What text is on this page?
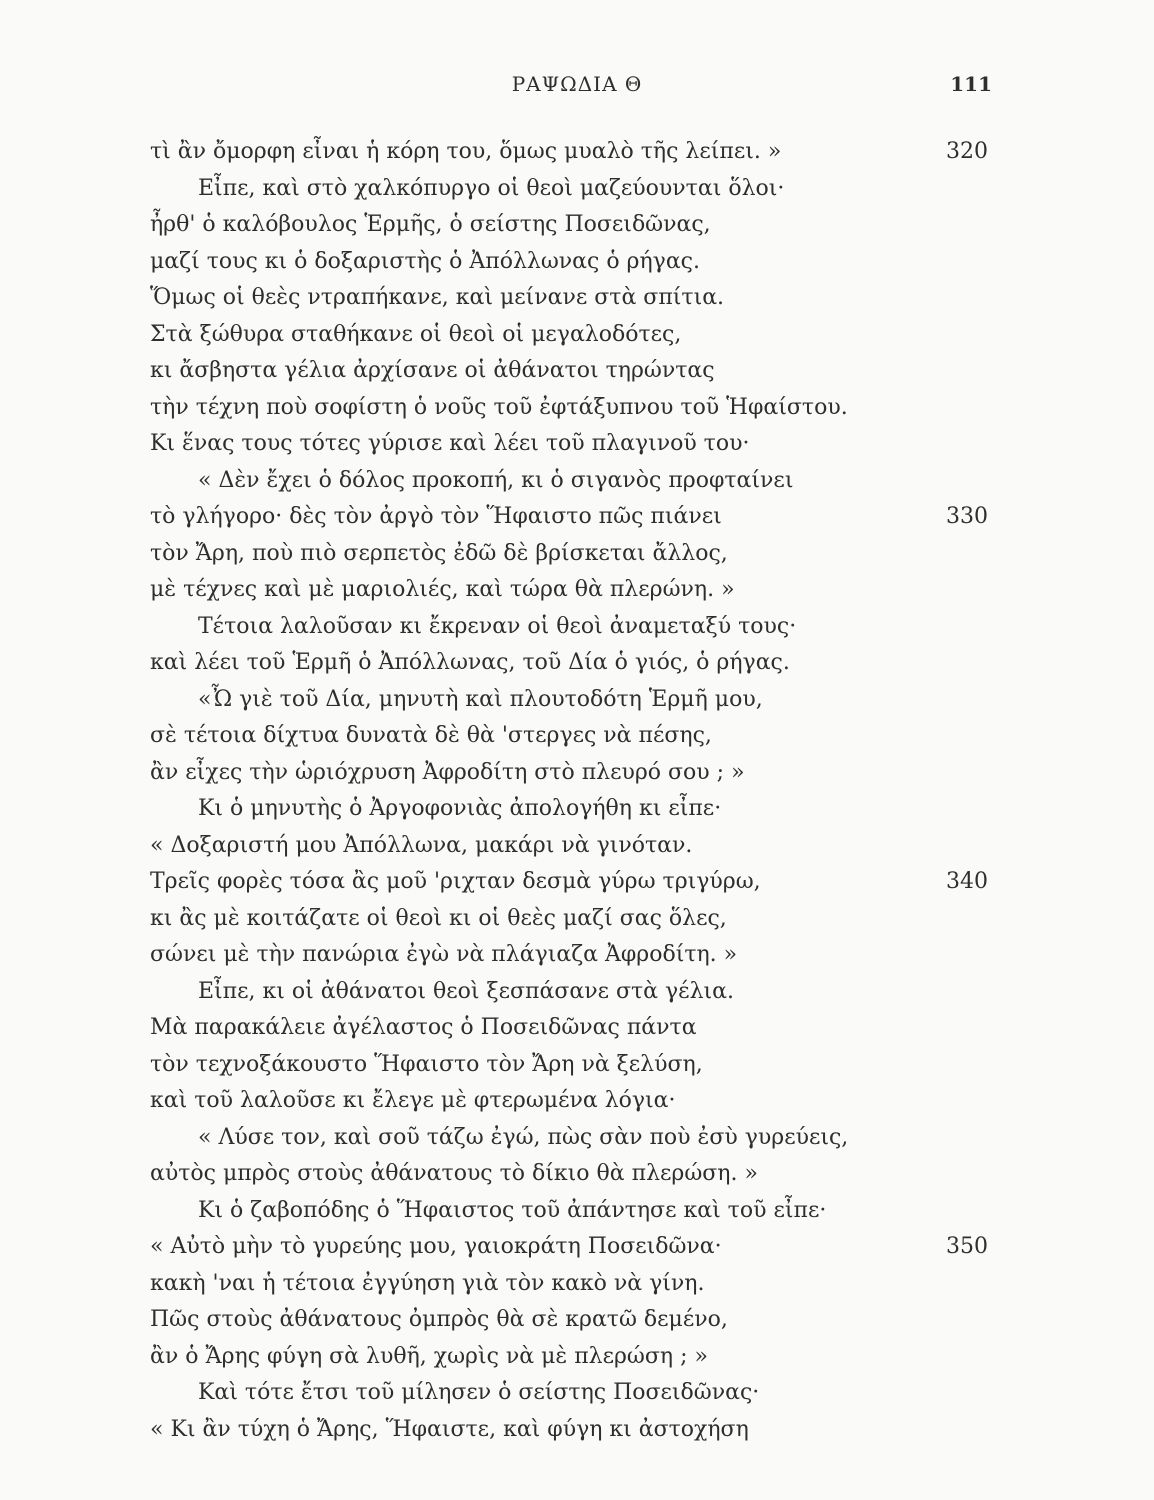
ΡΑΨΩΔΙΑ Θ	111
τὶ ἂν ὄμορφη εἶναι ἡ κόρη του, ὅμως μυαλὸ τῆς λείπει. »	320
Εἶπε, καὶ στὸ χαλκόπυργο οἱ θεοὶ μαζεύουνται ὅλοι·
ἦρθ' ὁ καλόβουλος Ἑρμῆς, ὁ σείστης Ποσειδῶνας,
μαζί τους κι ὁ δοξαριστὴς ὁ Ἀπόλλωνας ὁ ρήγας.
Ὅμως οἱ θεὲς ντραπήκανε, καὶ μείνανε στὰ σπίτια.
Στὰ ξώθυρα σταθήκανε οἱ θεοὶ οἱ μεγαλοδότες,
κι ἄσβηστα γέλια ἀρχίσανε οἱ ἀθάνατοι τηρώντας
τὴν τέχνη ποὺ σοφίστη ὁ νοῦς τοῦ ἐφτάξυπνου τοῦ Ἡφαίστου.
Κι ἕνας τους τότες γύρισε καὶ λέει τοῦ πλαγινοῦ του·
« Δὲν ἔχει ὁ δόλος προκοπή, κι ὁ σιγανὸς προφταίνει
τὸ γλήγορο· δὲς τὸν ἀργὸ τὸν Ἥφαιστο πῶς πιάνει	330
τὸν Ἄρη, ποὺ πιὸ σερπετὸς ἐδῶ δὲ βρίσκεται ἄλλος,
μὲ τέχνες καὶ μὲ μαριολιές, καὶ τώρα θὰ πλερώνη. »
Τέτοια λαλοῦσαν κι ἔκρεναν οἱ θεοὶ ἀναμεταξύ τους·
καὶ λέει τοῦ Ἑρμῆ ὁ Ἀπόλλωνας, τοῦ Δία ὁ γιός, ὁ ρήγας.
«Ὦ γιὲ τοῦ Δία, μηνυτὴ καὶ πλουτοδότη Ἑρμῆ μου,
σὲ τέτοια δίχτυα δυνατὰ δὲ θὰ 'στεργες νὰ πέσης,
ἂν εἶχες τὴν ὡριόχρυση Ἀφροδίτη στὸ πλευρό σου ; »
Κι ὁ μηνυτὴς ὁ Ἀργοφονιὰς ἀπολογήθη κι εἶπε·
« Δοξαριστή μου Ἀπόλλωνα, μακάρι νὰ γινόταν.
Τρεῖς φορὲς τόσα ἂς μοῦ 'ριχταν δεσμὰ γύρω τριγύρω,	340
κι ἂς μὲ κοιτάζατε οἱ θεοὶ κι οἱ θεὲς μαζί σας ὅλες,
σώνει μὲ τὴν πανώρια ἐγὼ νὰ πλάγιαζα Ἀφροδίτη. »
Εἶπε, κι οἱ ἀθάνατοι θεοὶ ξεσπάσανε στὰ γέλια.
Μὰ παρακάλειε ἀγέλαστος ὁ Ποσειδῶνας πάντα
τὸν τεχνοξάκουστο Ἥφαιστο τὸν Ἄρη νὰ ξελύση,
καὶ τοῦ λαλοῦσε κι ἔλεγε μὲ φτερωμένα λόγια·
« Λύσε τον, καὶ σοῦ τάζω ἐγώ, πὼς σὰν ποὺ ἐσὺ γυρεύεις,
αὐτὸς μπρὸς στοὺς ἀθάνατους τὸ δίκιο θὰ πλερώση. »
Κι ὁ ζαβοπόδης ὁ Ἥφαιστος τοῦ ἀπάντησε καὶ τοῦ εἶπε·
« Αὐτὸ μὴν τὸ γυρεύης μου, γαιοκράτη Ποσειδῶνα·	350
κακὴ 'ναι ἡ τέτοια ἐγγύηση γιὰ τὸν κακὸ νὰ γίνη.
Πῶς στοὺς ἀθάνατους ὀμπρὸς θὰ σὲ κρατῶ δεμένο,
ἂν ὁ Ἄρης φύγη σὰ λυθῆ, χωρὶς νὰ μὲ πλερώση ; »
Καὶ τότε ἔτσι τοῦ μίλησεν ὁ σείστης Ποσειδῶνας·
« Κι ἂν τύχη ὁ Ἄρης, Ἥφαιστε, καὶ φύγη κι ἀστοχήση
